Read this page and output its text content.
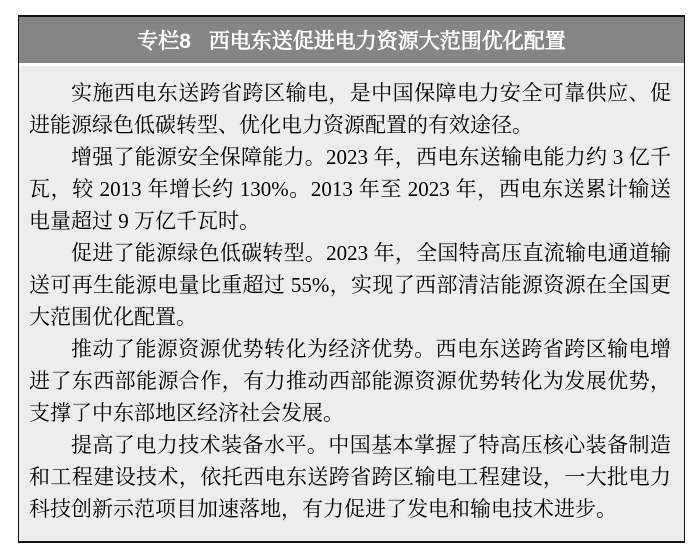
专栏8 西电东送促进电力资源大范围优化配置

实施西电东送跨省跨区输电，是中国保障电力安全可靠供应、促进能源绿色低碳转型、优化电力资源配置的有效途径。

增强了能源安全保障能力。2023 年，西电东送输电能力约 3 亿千瓦，较 2013 年增长约 130%。2013 年至 2023 年，西电东送累计输送电量超过 9 万亿千瓦时。

促进了能源绿色低碳转型。2023 年，全国特高压直流输电通道输送可再生能源电量比重超过 55%，实现了西部清洁能源资源在全国更大范围优化配置。

推动了能源资源优势转化为经济优势。西电东送跨省跨区输电增进了东西部能源合作，有力推动西部能源资源优势转化为发展优势，支撑了中东部地区经济社会发展。

提高了电力技术装备水平。中国基本掌握了特高压核心装备制造和工程建设技术，依托西电东送跨省跨区输电工程建设，一大批电力科技创新示范项目加速落地，有力促进了发电和输电技术进步。
